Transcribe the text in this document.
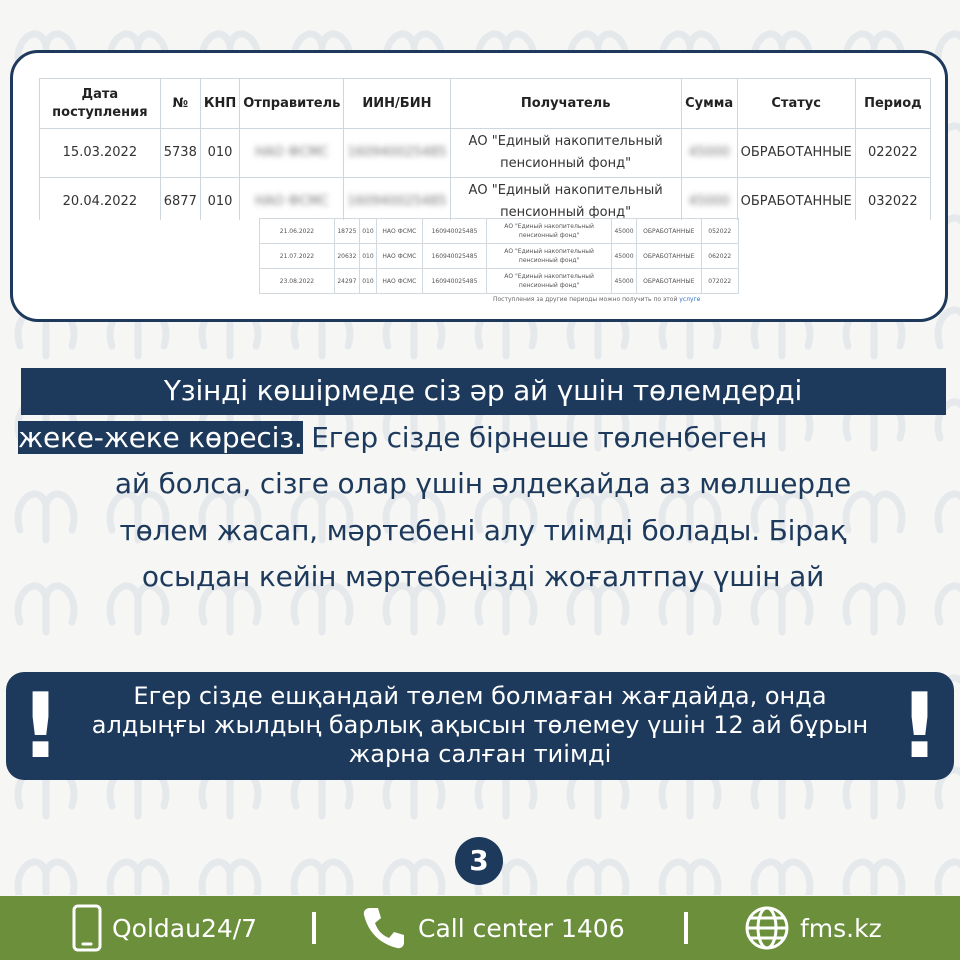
Дата поступления	№	КНП	Отправитель	ИИН/БИН	Получатель	Сумма	Статус	Период
15.03.2022	5738	010	НАО ФСМС	160940025485	АО "Единый накопительный пенсионный фонд"	45000	ОБРАБОТАННЫЕ	022022
20.04.2022	6877	010	НАО ФСМС	160940025485	АО "Единый накопительный пенсионный фонд"	45000	ОБРАБОТАННЫЕ	032022
21.06.2022	18725	010	НАО ФСМС	160940025485	АО "Единый накопительный пенсионный фонд"	45000	ОБРАБОТАННЫЕ	052022
21.07.2022	20632	010	НАО ФСМС	160940025485	АО "Единый накопительный пенсионный фонд"	45000	ОБРАБОТАННЫЕ	062022
23.08.2022	24297	010	НАО ФСМС	160940025485	АО "Единый накопительный пенсионный фонд"	45000	ОБРАБОТАННЫЕ	072022
Поступления за другие периоды можно получить по этой услуге
Үзінді көшірмеде сіз әр ай үшін төлемдерді
жеке-жеке көресіз. Егер сізде бірнеше төленбеген
ай болса, сізге олар үшін әлдеқайда аз мөлшерде
төлем жасап, мәртебені алу тиімді болады. Бірақ
осыдан кейін мәртебеңізді жоғалтпау үшін ай
!	Егер сізде ешқандай төлем болмаған жағдайда, онда алдыңғы жылдың барлық ақысын төлемеу үшін 12 ай бұрын жарна салған тиімді	!
3
Qoldau24/7	Call center 1406	fms.kz
